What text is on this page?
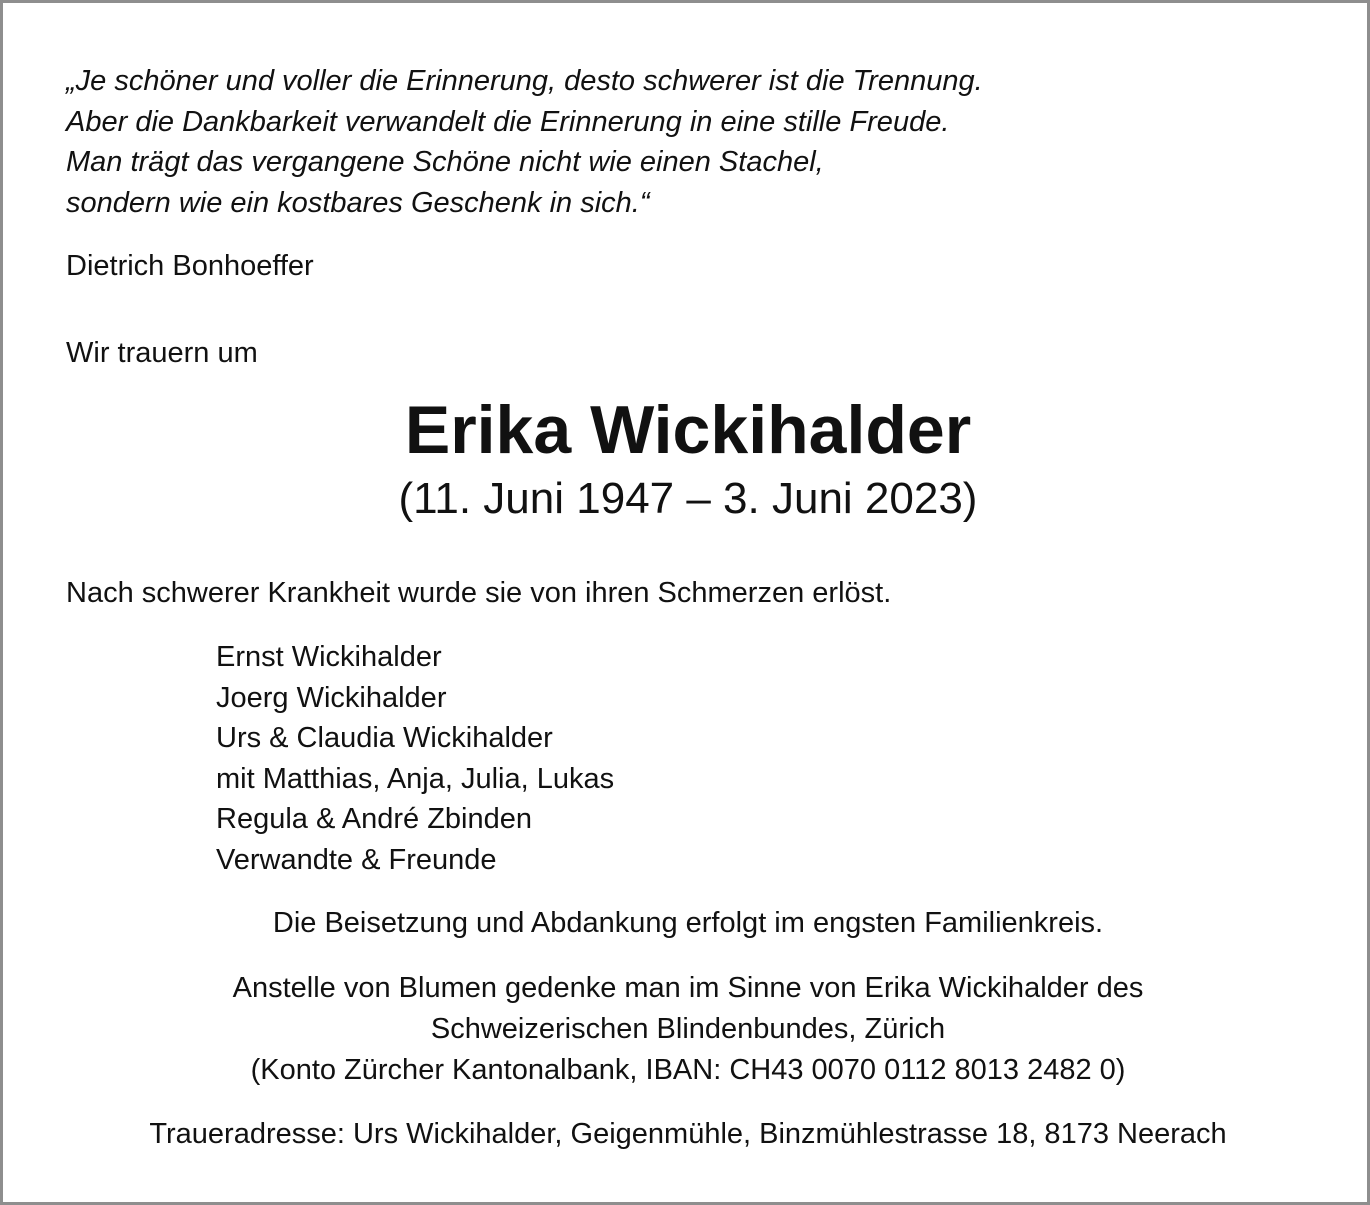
„Je schöner und voller die Erinnerung, desto schwerer ist die Trennung.
Aber die Dankbarkeit verwandelt die Erinnerung in eine stille Freude.
Man trägt das vergangene Schöne nicht wie einen Stachel,
sondern wie ein kostbares Geschenk in sich.“
Dietrich Bonhoeffer
Wir trauern um
Erika Wickihalder
(11. Juni 1947 – 3. Juni 2023)
Nach schwerer Krankheit wurde sie von ihren Schmerzen erlöst.
Ernst Wickihalder
Joerg Wickihalder
Urs & Claudia Wickihalder
mit Matthias, Anja, Julia, Lukas
Regula & André Zbinden
Verwandte & Freunde
Die Beisetzung und Abdankung erfolgt im engsten Familienkreis.
Anstelle von Blumen gedenke man im Sinne von Erika Wickihalder des
Schweizerischen Blindenbundes, Zürich
(Konto Zürcher Kantonalbank, IBAN: CH43 0070 0112 8013 2482 0)
Traueradresse: Urs Wickihalder, Geigenmühle, Binzmühlestrasse 18, 8173 Neerach
